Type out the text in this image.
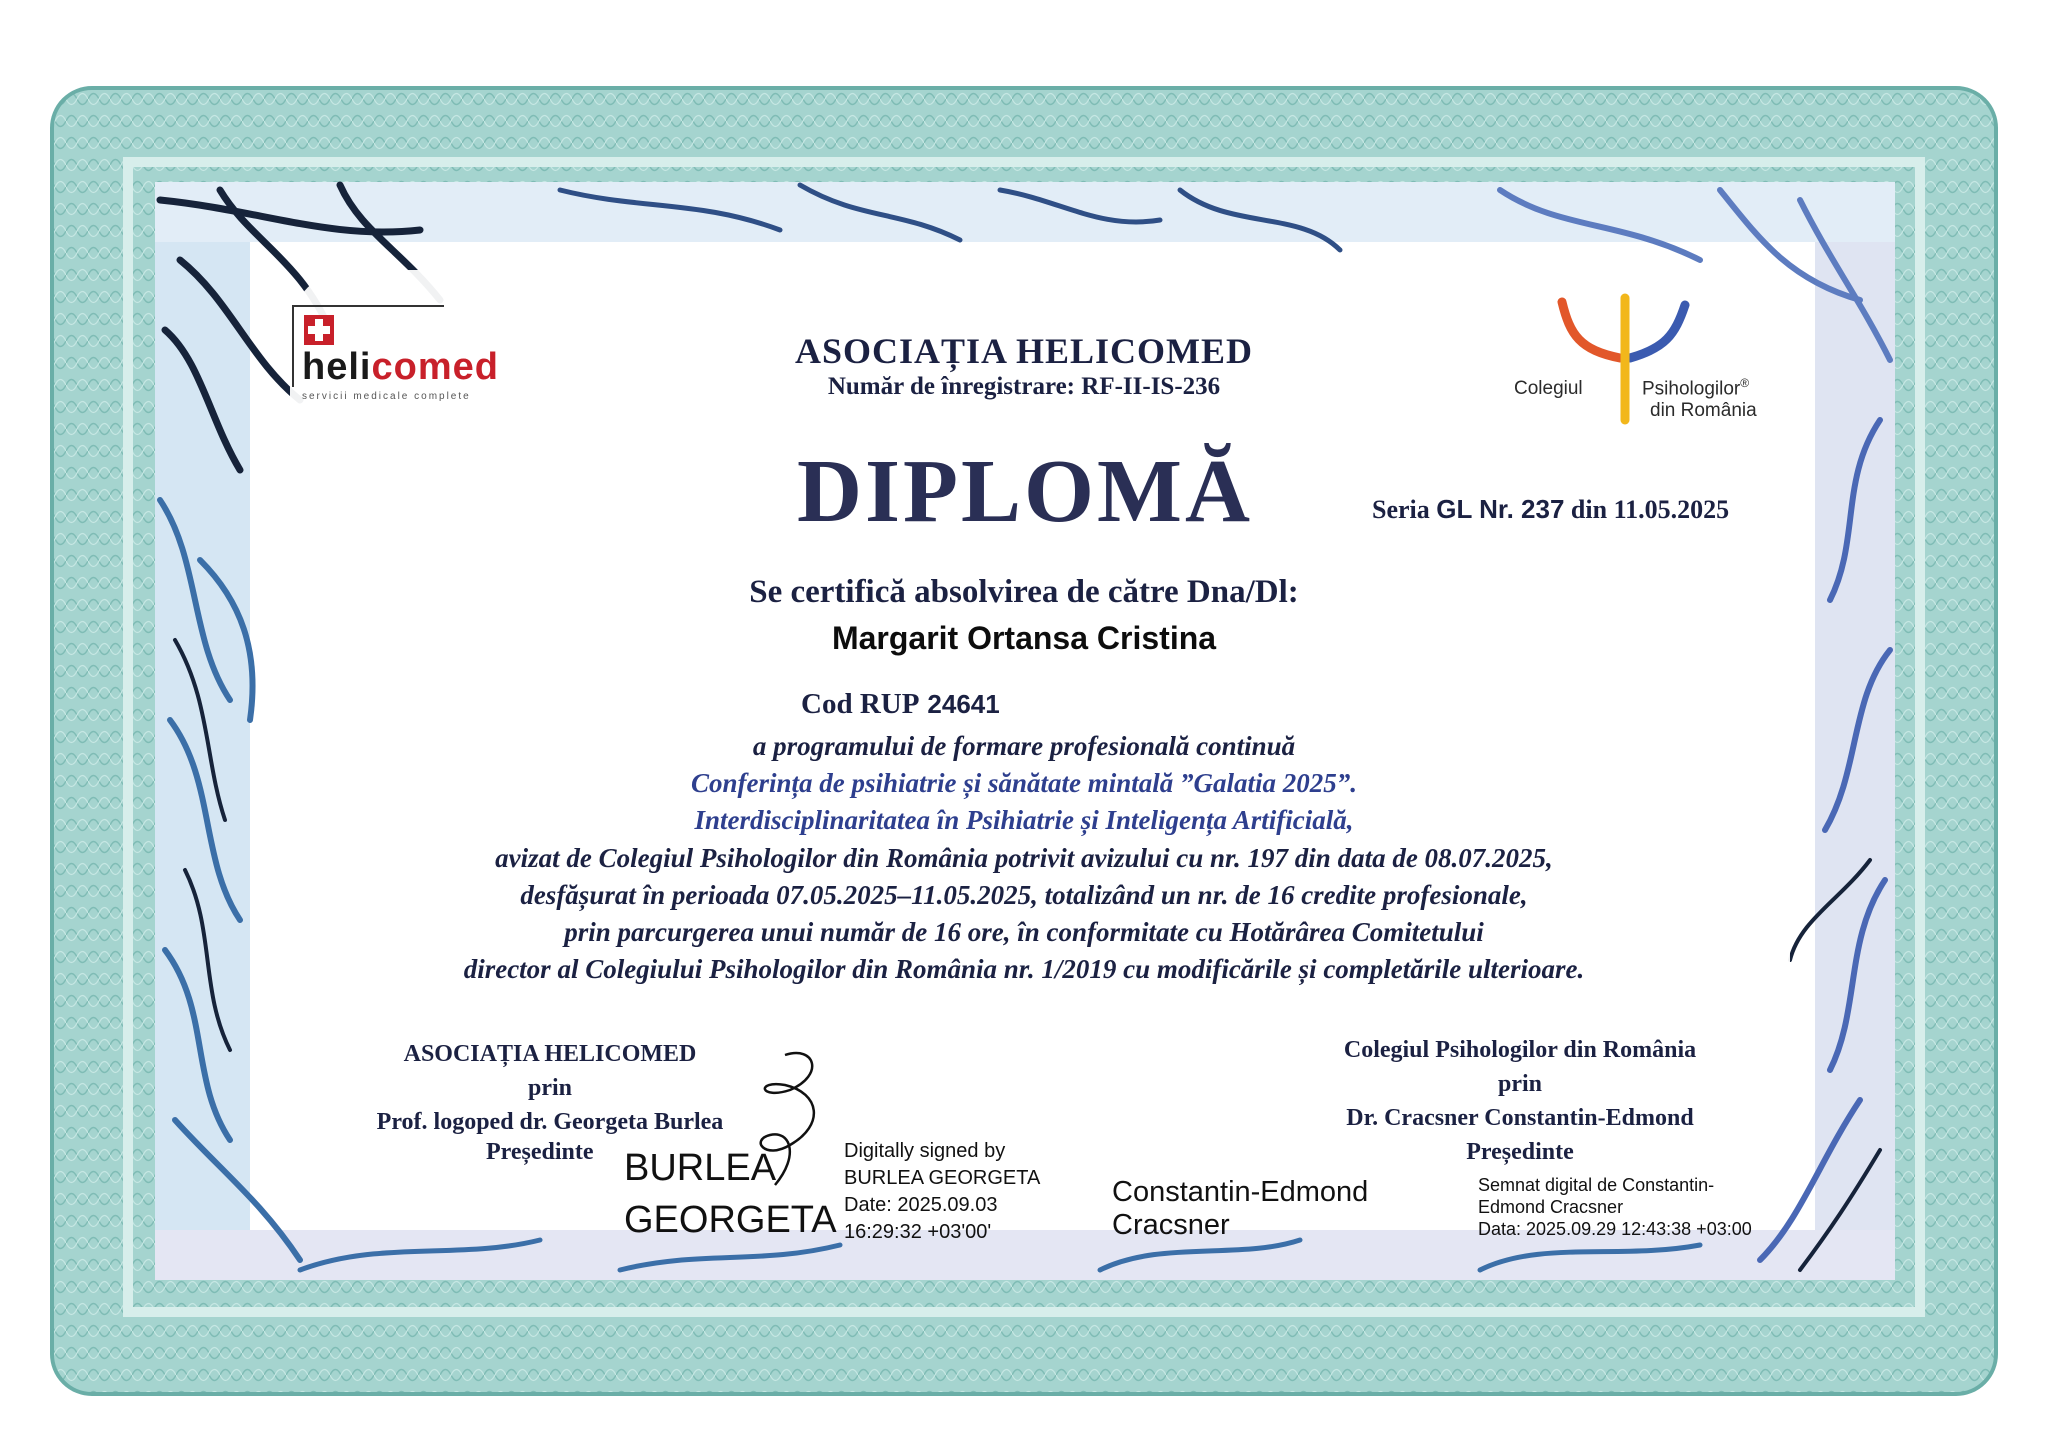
helicomed
servicii medicale complete	Colegiul	Psihologilor®
din România
ASOCIAȚIA HELICOMED
Număr de înregistrare: RF-II-IS-236
DIPLOMĂ	Seria GL Nr. 237 din 11.05.2025
Se certifică absolvirea de către Dna/Dl:
Margarit Ortansa Cristina
Cod RUP 24641
a programului de formare profesională continuă
Conferința de psihiatrie și sănătate mintală ”Galatia 2025”.
Interdisciplinaritatea în Psihiatrie și Inteligența Artificială,
avizat de Colegiul Psihologilor din România potrivit avizului cu nr. 197 din data de 08.07.2025,
desfășurat în perioada 07.05.2025–11.05.2025, totalizând un nr. de 16 credite profesionale,
prin parcurgerea unui număr de 16 ore, în conformitate cu Hotărârea Comitetului
director al Colegiului Psihologilor din România nr. 1/2019 cu modificările și completările ulterioare.
ASOCIAȚIA HELICOMED
prin
Prof. logoped dr. Georgeta Burlea
Președinte BURLEA
GEORGETA
Digitally signed by
BURLEA GEORGETA
Date: 2025.09.03
16:29:32 +03'00'
Colegiul Psihologilor din România
prin
Dr. Cracsner Constantin-Edmond
Președinte
Constantin-Edmond
Cracsner
Semnat digital de Constantin-
Edmond Cracsner
Data: 2025.09.29 12:43:38 +03:00
